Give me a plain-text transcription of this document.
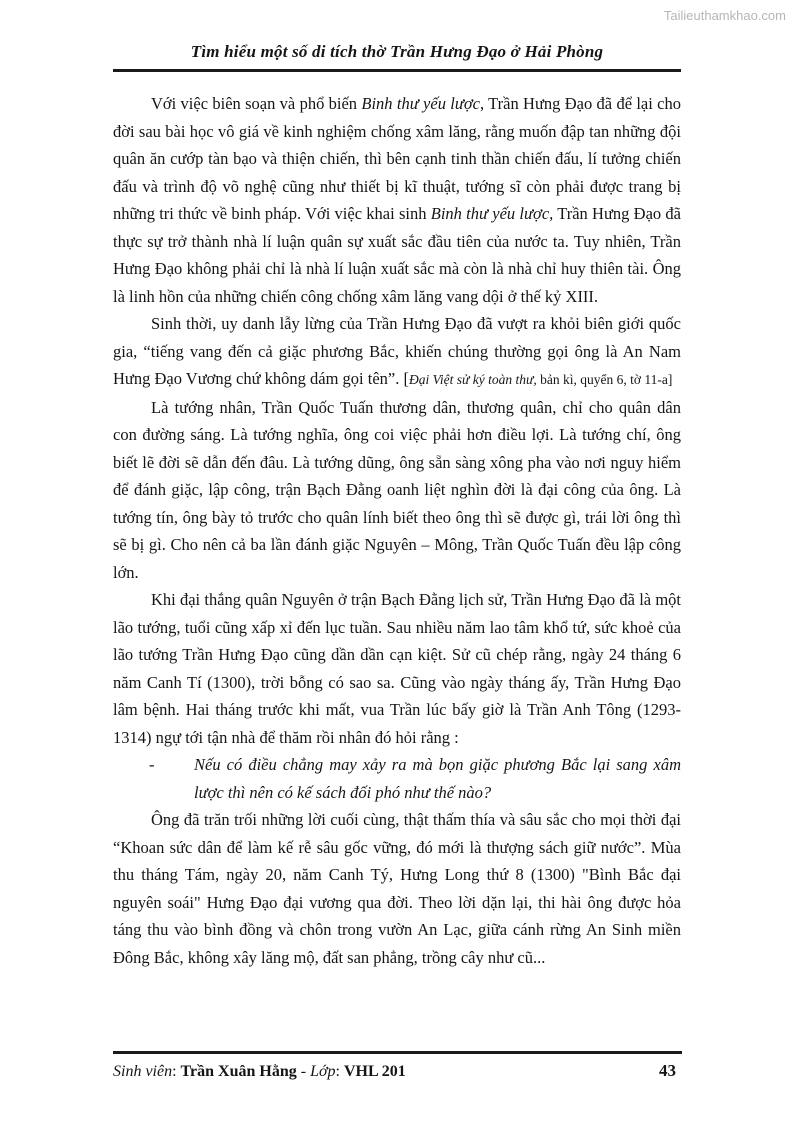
Tailieuthamkhao.com
Tìm hiểu một số di tích thờ Trần Hưng Đạo ở Hải Phòng

Với việc biên soạn và phổ biến Binh thư yếu lược, Trần Hưng Đạo đã để lại cho đời sau bài học vô giá về kinh nghiệm chống xâm lăng, rằng muốn đập tan những đội quân ăn cướp tàn bạo và thiện chiến, thì bên cạnh tinh thần chiến đấu, lí tưởng chiến đấu và trình độ võ nghệ cũng như thiết bị kĩ thuật, tướng sĩ còn phải được trang bị những tri thức về binh pháp. Với việc khai sinh Binh thư yếu lược, Trần Hưng Đạo đã thực sự trở thành nhà lí luận quân sự xuất sắc đầu tiên của nước ta. Tuy nhiên, Trần Hưng Đạo không phải chỉ là nhà lí luận xuất sắc mà còn là nhà chỉ huy thiên tài. Ông là linh hồn của những chiến công chống xâm lăng vang dội ở thế kỷ XIII.

Sinh thời, uy danh lẫy lừng của Trần Hưng Đạo đã vượt ra khỏi biên giới quốc gia, “tiếng vang đến cả giặc phương Bắc, khiến chúng thường gọi ông là An Nam Hưng Đạo Vương chứ không dám gọi tên”. [Đại Việt sử ký toàn thư, bản kì, quyển 6, tờ 11-a]

Là tướng nhân, Trần Quốc Tuấn thương dân, thương quân, chỉ cho quân dân con đường sáng. Là tướng nghĩa, ông coi việc phải hơn điều lợi. Là tướng chí, ông biết lẽ đời sẽ dẫn đến đâu. Là tướng dũng, ông sẵn sàng xông pha vào nơi nguy hiểm để đánh giặc, lập công, trận Bạch Đằng oanh liệt nghìn đời là đại công của ông. Là tướng tín, ông bày tỏ trước cho quân lính biết theo ông thì sẽ được gì, trái lời ông thì sẽ bị gì. Cho nên cả ba lần đánh giặc Nguyên – Mông, Trần Quốc Tuấn đều lập công lớn.

Khi đại thắng quân Nguyên ở trận Bạch Đằng lịch sử, Trần Hưng Đạo đã là một lão tướng, tuổi cũng xấp xỉ đến lục tuần. Sau nhiều năm lao tâm khổ tứ, sức khoẻ của lão tướng Trần Hưng Đạo cũng dần dần cạn kiệt. Sử cũ chép rằng, ngày 24 tháng 6 năm Canh Tí (1300), trời bỗng có sao sa. Cũng vào ngày tháng ấy, Trần Hưng Đạo lâm bệnh. Hai tháng trước khi mất, vua Trần lúc bấy giờ là Trần Anh Tông (1293-1314) ngự tới tận nhà để thăm rồi nhân đó hỏi rằng :

-	Nếu có điều chẳng may xảy ra mà bọn giặc phương Bắc lại sang xâm lược thì nên có kế sách đối phó như thế nào?

Ông đã trăn trối những lời cuối cùng, thật thấm thía và sâu sắc cho mọi thời đại “Khoan sức dân để làm kế rễ sâu gốc vững, đó mới là thượng sách giữ nước”. Mùa thu tháng Tám, ngày 20, năm Canh Tý, Hưng Long thứ 8 (1300) "Bình Bắc đại nguyên soái" Hưng Đạo đại vương qua đời. Theo lời dặn lại, thi hài ông được hỏa táng thu vào bình đồng và chôn trong vườn An Lạc, giữa cánh rừng An Sinh miền Đông Bắc, không xây lăng mộ, đất san phẳng, trồng cây như cũ...

Sinh viên: Trần Xuân Hằng - Lớp: VHL 201	43
